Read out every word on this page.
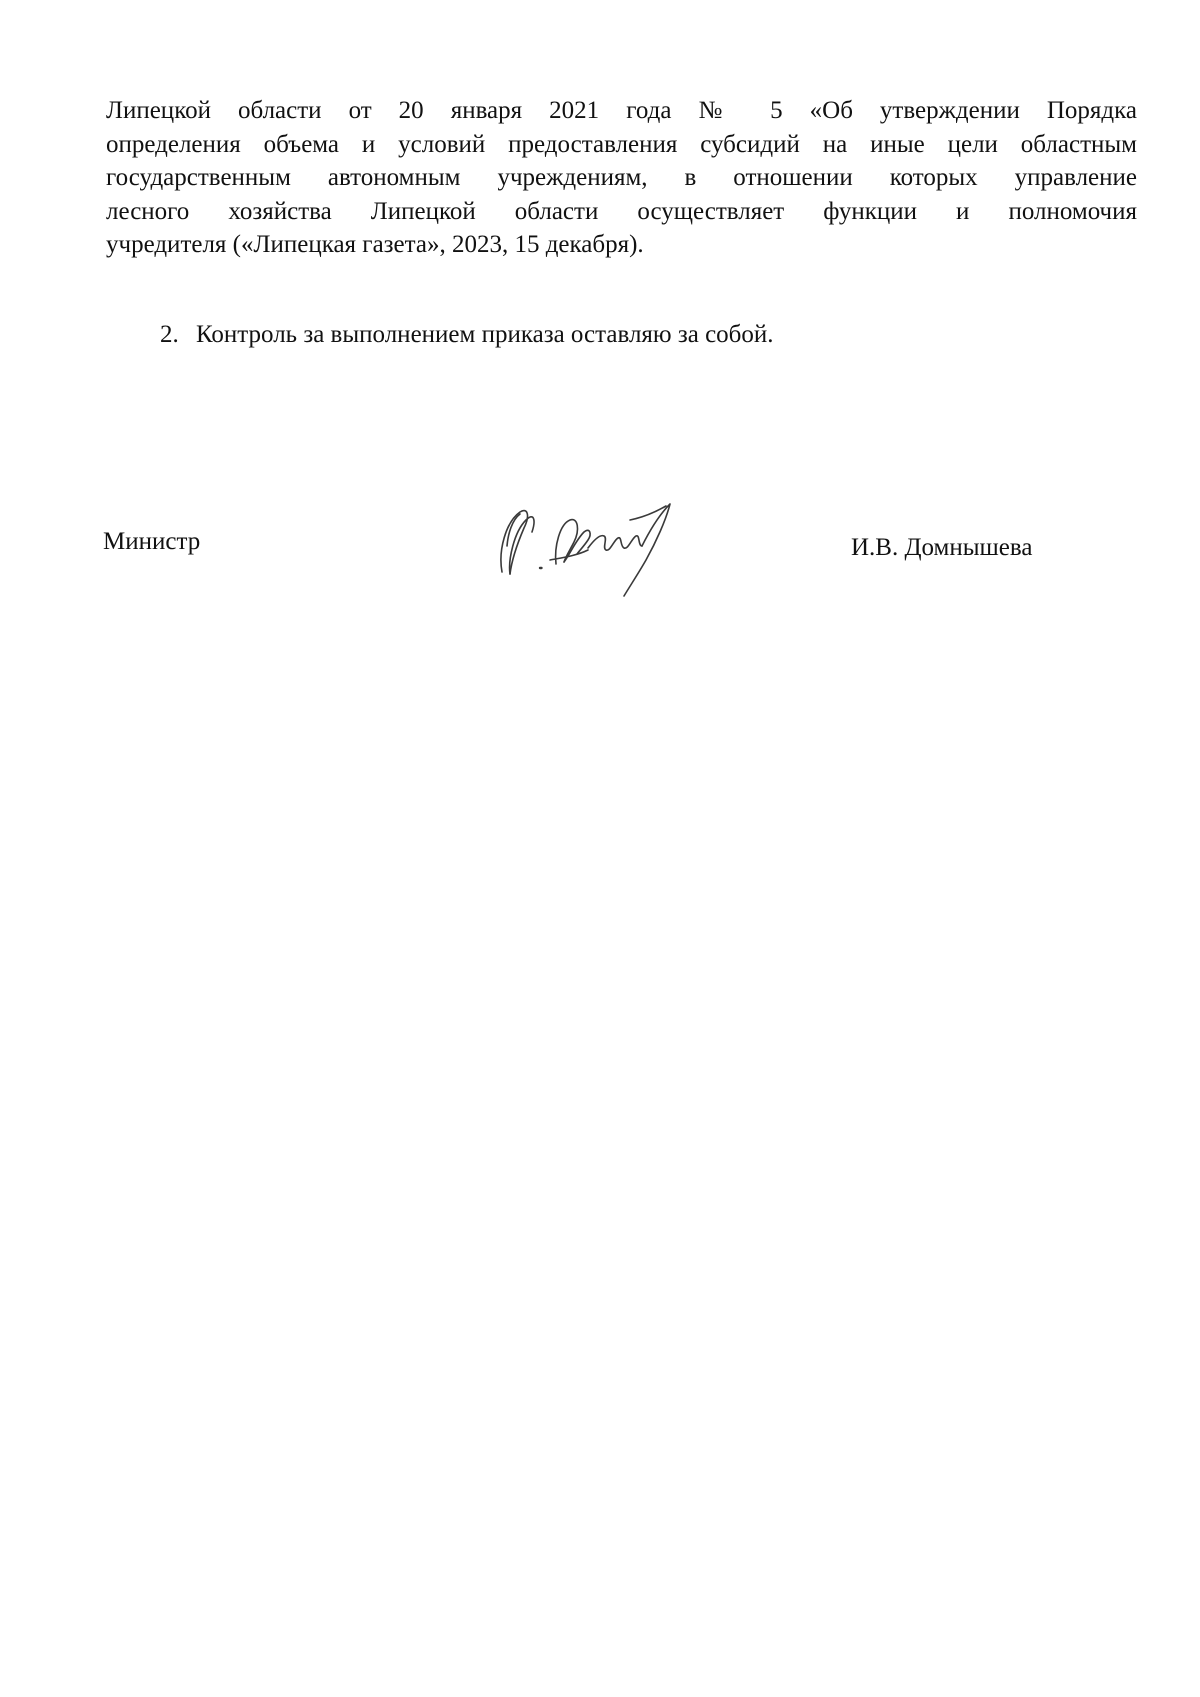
Липецкой области от 20 января 2021 года № 5 «Об утверждении Порядка
определения объема и условий предоставления субсидий на иные цели областным
государственным автономным учреждениям, в отношении которых управление
лесного хозяйства Липецкой области осуществляет функции и полномочия
учредителя («Липецкая газета», 2023, 15 декабря).

2. Контроль за выполнением приказа оставляю за собой.

Министр	И.В. Домнышева
